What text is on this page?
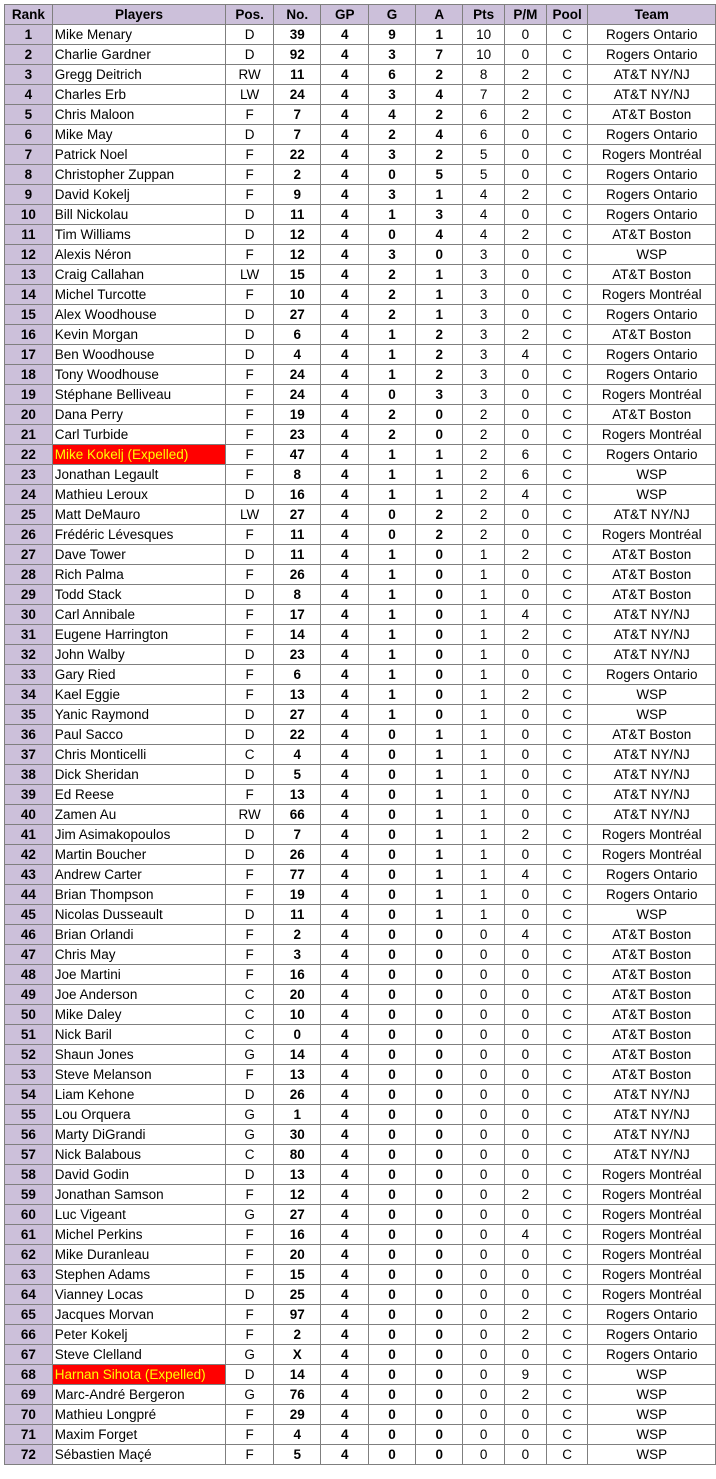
Rank	Players	Pos.	No.	GP	G	A	Pts	P/M	Pool	Team
1	Mike Menary	D	39	4	9	1	10	0	C	Rogers Ontario
2	Charlie Gardner	D	92	4	3	7	10	0	C	Rogers Ontario
3	Gregg Deitrich	RW	11	4	6	2	8	2	C	AT&T NY/NJ
4	Charles Erb	LW	24	4	3	4	7	2	C	AT&T NY/NJ
5	Chris Maloon	F	7	4	4	2	6	2	C	AT&T Boston
6	Mike May	D	7	4	2	4	6	0	C	Rogers Ontario
7	Patrick Noel	F	22	4	3	2	5	0	C	Rogers Montréal
8	Christopher Zuppan	F	2	4	0	5	5	0	C	Rogers Ontario
9	David Kokelj	F	9	4	3	1	4	2	C	Rogers Ontario
10	Bill Nickolau	D	11	4	1	3	4	0	C	Rogers Ontario
11	Tim Williams	D	12	4	0	4	4	2	C	AT&T Boston
12	Alexis Néron	F	12	4	3	0	3	0	C	WSP
13	Craig Callahan	LW	15	4	2	1	3	0	C	AT&T Boston
14	Michel Turcotte	F	10	4	2	1	3	0	C	Rogers Montréal
15	Alex Woodhouse	D	27	4	2	1	3	0	C	Rogers Ontario
16	Kevin Morgan	D	6	4	1	2	3	2	C	AT&T Boston
17	Ben Woodhouse	D	4	4	1	2	3	4	C	Rogers Ontario
18	Tony Woodhouse	F	24	4	1	2	3	0	C	Rogers Ontario
19	Stéphane Belliveau	F	24	4	0	3	3	0	C	Rogers Montréal
20	Dana Perry	F	19	4	2	0	2	0	C	AT&T Boston
21	Carl Turbide	F	23	4	2	0	2	0	C	Rogers Montréal
22	Mike Kokelj (Expelled)	F	47	4	1	1	2	6	C	Rogers Ontario
23	Jonathan Legault	F	8	4	1	1	2	6	C	WSP
24	Mathieu Leroux	D	16	4	1	1	2	4	C	WSP
25	Matt DeMauro	LW	27	4	0	2	2	0	C	AT&T NY/NJ
26	Frédéric Lévesques	F	11	4	0	2	2	0	C	Rogers Montréal
27	Dave Tower	D	11	4	1	0	1	2	C	AT&T Boston
28	Rich Palma	F	26	4	1	0	1	0	C	AT&T Boston
29	Todd Stack	D	8	4	1	0	1	0	C	AT&T Boston
30	Carl Annibale	F	17	4	1	0	1	4	C	AT&T NY/NJ
31	Eugene Harrington	F	14	4	1	0	1	2	C	AT&T NY/NJ
32	John Walby	D	23	4	1	0	1	0	C	AT&T NY/NJ
33	Gary Ried	F	6	4	1	0	1	0	C	Rogers Ontario
34	Kael Eggie	F	13	4	1	0	1	2	C	WSP
35	Yanic Raymond	D	27	4	1	0	1	0	C	WSP
36	Paul Sacco	D	22	4	0	1	1	0	C	AT&T Boston
37	Chris Monticelli	C	4	4	0	1	1	0	C	AT&T NY/NJ
38	Dick Sheridan	D	5	4	0	1	1	0	C	AT&T NY/NJ
39	Ed Reese	F	13	4	0	1	1	0	C	AT&T NY/NJ
40	Zamen Au	RW	66	4	0	1	1	0	C	AT&T NY/NJ
41	Jim Asimakopoulos	D	7	4	0	1	1	2	C	Rogers Montréal
42	Martin Boucher	D	26	4	0	1	1	0	C	Rogers Montréal
43	Andrew Carter	F	77	4	0	1	1	4	C	Rogers Ontario
44	Brian Thompson	F	19	4	0	1	1	0	C	Rogers Ontario
45	Nicolas Dusseault	D	11	4	0	1	1	0	C	WSP
46	Brian Orlandi	F	2	4	0	0	0	4	C	AT&T Boston
47	Chris May	F	3	4	0	0	0	0	C	AT&T Boston
48	Joe Martini	F	16	4	0	0	0	0	C	AT&T Boston
49	Joe Anderson	C	20	4	0	0	0	0	C	AT&T Boston
50	Mike Daley	C	10	4	0	0	0	0	C	AT&T Boston
51	Nick Baril	C	0	4	0	0	0	0	C	AT&T Boston
52	Shaun Jones	G	14	4	0	0	0	0	C	AT&T Boston
53	Steve Melanson	F	13	4	0	0	0	0	C	AT&T Boston
54	Liam Kehone	D	26	4	0	0	0	0	C	AT&T NY/NJ
55	Lou Orquera	G	1	4	0	0	0	0	C	AT&T NY/NJ
56	Marty DiGrandi	G	30	4	0	0	0	0	C	AT&T NY/NJ
57	Nick Balabous	C	80	4	0	0	0	0	C	AT&T NY/NJ
58	David Godin	D	13	4	0	0	0	0	C	Rogers Montréal
59	Jonathan Samson	F	12	4	0	0	0	2	C	Rogers Montréal
60	Luc Vigeant	G	27	4	0	0	0	0	C	Rogers Montréal
61	Michel Perkins	F	16	4	0	0	0	4	C	Rogers Montréal
62	Mike Duranleau	F	20	4	0	0	0	0	C	Rogers Montréal
63	Stephen Adams	F	15	4	0	0	0	0	C	Rogers Montréal
64	Vianney Locas	D	25	4	0	0	0	0	C	Rogers Montréal
65	Jacques Morvan	F	97	4	0	0	0	2	C	Rogers Ontario
66	Peter Kokelj	F	2	4	0	0	0	2	C	Rogers Ontario
67	Steve Clelland	G	X	4	0	0	0	0	C	Rogers Ontario
68	Harnan Sihota (Expelled)	D	14	4	0	0	0	9	C	WSP
69	Marc-André Bergeron	G	76	4	0	0	0	2	C	WSP
70	Mathieu Longpré	F	29	4	0	0	0	0	C	WSP
71	Maxim Forget	F	4	4	0	0	0	0	C	WSP
72	Sébastien Maçé	F	5	4	0	0	0	0	C	WSP
